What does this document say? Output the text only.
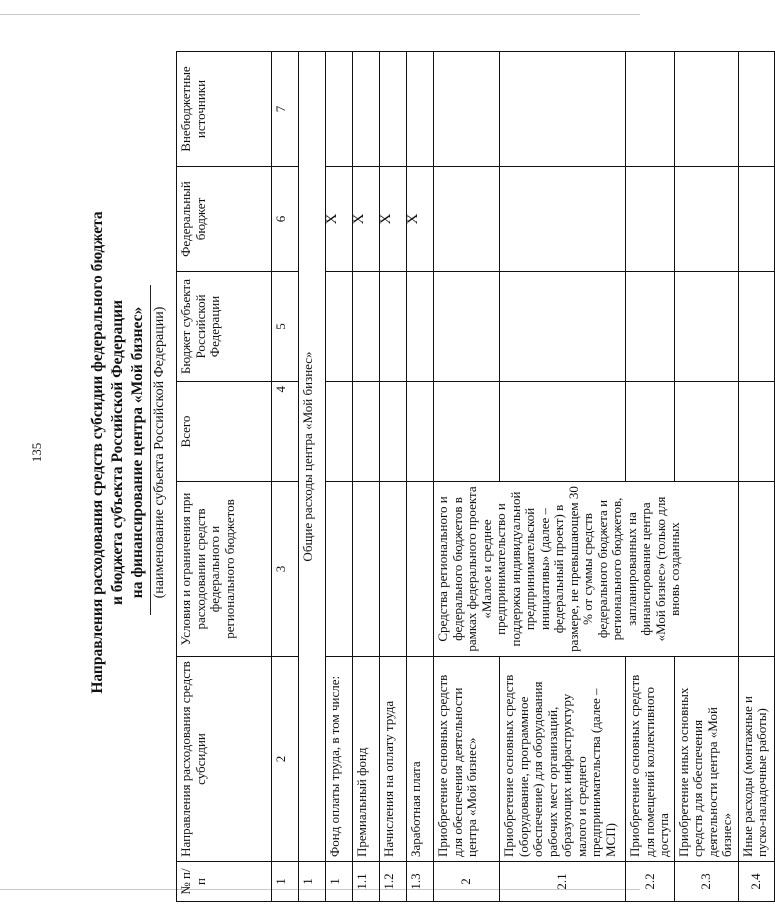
135	Направления расходования средств субсидии федерального бюджета и бюджета субъекта Российской Федерации на финансирование центра «Мой бизнес» (наименование субъекта Российской Федерации)
№ п/п	Направления расходования средств субсидии	Условия и ограничения при расходовании средств федерального и регионального бюджетов	Всего	Бюджет субъекта Российской Федерации	Федеральный бюджет	Внебюджетные источники
1	2	3	4	5	6	7
1	Общие расходы центра «Мой бизнес»					
1	Фонд оплаты труда, в том числе:				X	
1.1	Премиальный фонд				X	
1.2	Начисления на оплату труда				X	
1.3	Заработная плата				X	
2	Приобретение основных средств для обеспечения деятельности центра «Мой бизнес»	Средства регионального и федерального бюджетов в рамках федерального проекта «Малое и среднее предпринимательство и поддержка индивидуальной предпринимательской инициативы» (далее – федеральный проект) в размере, не превышающем 30 % от суммы средств федерального бюджета и регионального бюджетов, запланированных на финансирование центра «Мой бизнес» (только для вновь созданных				
2.1	Приобретение основных средств (оборудование, программное обеспечение) для оборудования рабочих мест организаций, образующих инфраструктуру малого и среднего предпринимательства (далее – МСП)					
2.2	Приобретение основных средств для помещений коллективного доступа					
2.3	Приобретение иных основных средств для обеспечения деятельности центра «Мой бизнес»					
2.4	Иные расходы (монтажные и пуско-наладочные работы)					
